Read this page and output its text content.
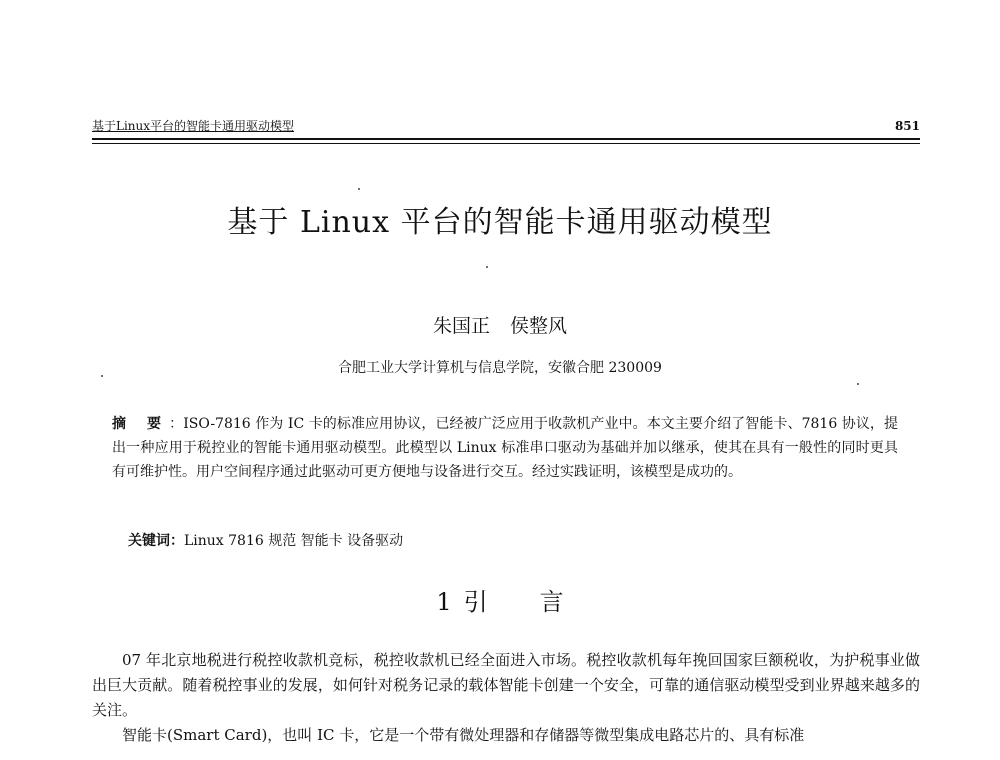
基于Linux平台的智能卡通用驱动模型	851
基于 Linux 平台的智能卡通用驱动模型
朱国正 侯整风
合肥工业大学计算机与信息学院，安徽合肥 230009
摘 要：ISO-7816 作为 IC 卡的标准应用协议，已经被广泛应用于收款机产业中。本文主要介绍了智能卡、7816 协议，提出一种应用于税控业的智能卡通用驱动模型。此模型以 Linux 标准串口驱动为基础并加以继承，使其在具有一般性的同时更具有可维护性。用户空间程序通过此驱动可更方便地与设备进行交互。经过实践证明，该模型是成功的。
关键词：Linux 7816 规范 智能卡 设备驱动
1 引言

07 年北京地税进行税控收款机竞标，税控收款机已经全面进入市场。税控收款机每年挽回国家巨额税收，为护税事业做出巨大贡献。随着税控事业的发展，如何针对税务记录的载体智能卡创建一个安全，可靠的通信驱动模型受到业界越来越多的关注。

智能卡(Smart Card)，也叫 IC 卡，它是一个带有微处理器和存储器等微型集成电路芯片的、具有标准
